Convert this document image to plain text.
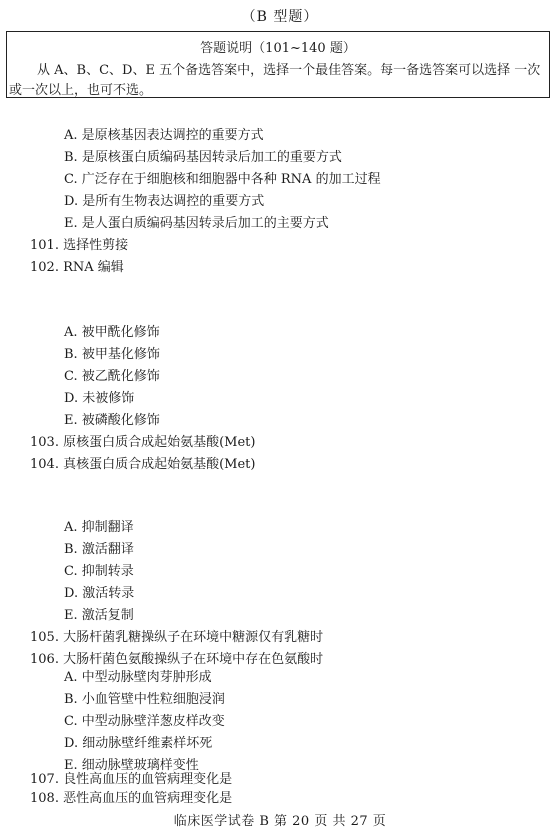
（B 型题）
答题说明（101~140 题）
从 A、B、C、D、E 五个备选答案中，选择一个最佳答案。每一备选答案可以选择 一次
或一次以上，也可不选。
A. 是原核基因表达调控的重要方式
B. 是原核蛋白质编码基因转录后加工的重要方式
C. 广泛存在于细胞核和细胞器中各种 RNA 的加工过程
D. 是所有生物表达调控的重要方式
E. 是人蛋白质编码基因转录后加工的主要方式
101. 选择性剪接
102. RNA 编辑
A. 被甲酰化修饰
B. 被甲基化修饰
C. 被乙酰化修饰
D. 未被修饰
E. 被磷酸化修饰
103. 原核蛋白质合成起始氨基酸(Met)
104. 真核蛋白质合成起始氨基酸(Met)
A. 抑制翻译
B. 激活翻译
C. 抑制转录
D. 激活转录
E. 激活复制
105. 大肠杆菌乳糖操纵子在环境中糖源仅有乳糖时
106. 大肠杆菌色氨酸操纵子在环境中存在色氨酸时
A. 中型动脉壁肉芽肿形成
B. 小血管壁中性粒细胞浸润
C. 中型动脉壁洋葱皮样改变
D. 细动脉壁纤维素样坏死
E. 细动脉壁玻璃样变性
107. 良性高血压的血管病理变化是
临床医学试卷 B 第 20 页 共 27 页
108. 恶性高血压的血管病理变化是
